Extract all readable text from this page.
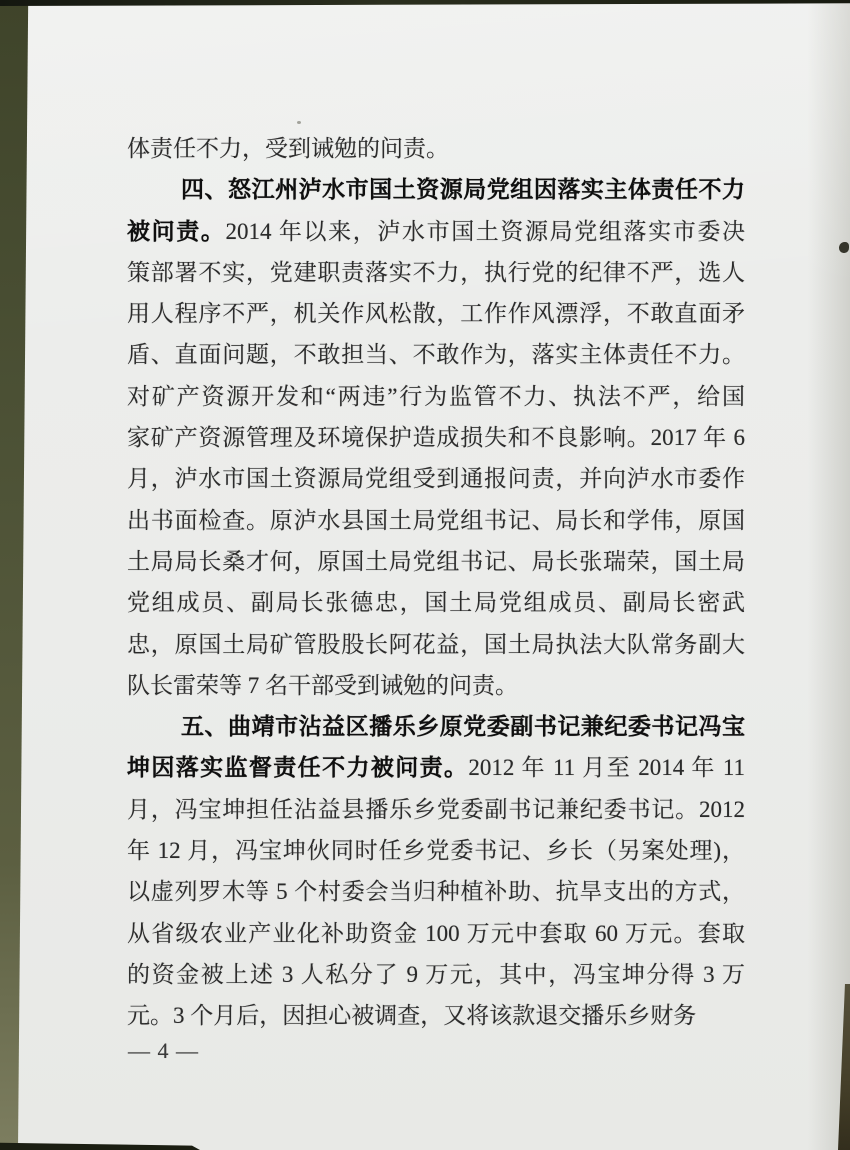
体责任不力，受到诫勉的问责。
四、怒江州泸水市国土资源局党组因落实主体责任不力
被问责。2014 年以来，泸水市国土资源局党组落实市委决
策部署不实，党建职责落实不力，执行党的纪律不严，选人
用人程序不严，机关作风松散，工作作风漂浮，不敢直面矛
盾、直面问题，不敢担当、不敢作为，落实主体责任不力。
对矿产资源开发和“两违”行为监管不力、执法不严，给国
家矿产资源管理及环境保护造成损失和不良影响。2017 年 6
月，泸水市国土资源局党组受到通报问责，并向泸水市委作
出书面检查。原泸水县国土局党组书记、局长和学伟，原国
土局局长桑才何，原国土局党组书记、局长张瑞荣，国土局
党组成员、副局长张德忠，国土局党组成员、副局长密武
忠，原国土局矿管股股长阿花益，国土局执法大队常务副大
队长雷荣等 7 名干部受到诫勉的问责。
五、曲靖市沾益区播乐乡原党委副书记兼纪委书记冯宝
坤因落实监督责任不力被问责。2012 年 11 月至 2014 年 11
月，冯宝坤担任沾益县播乐乡党委副书记兼纪委书记。2012
年 12 月，冯宝坤伙同时任乡党委书记、乡长（另案处理)，
以虚列罗木等 5 个村委会当归种植补助、抗旱支出的方式，
从省级农业产业化补助资金 100 万元中套取 60 万元。套取
的资金被上述 3 人私分了 9 万元，其中，冯宝坤分得 3 万
元。3 个月后，因担心被调查，又将该款退交播乐乡财务
— 4 —
